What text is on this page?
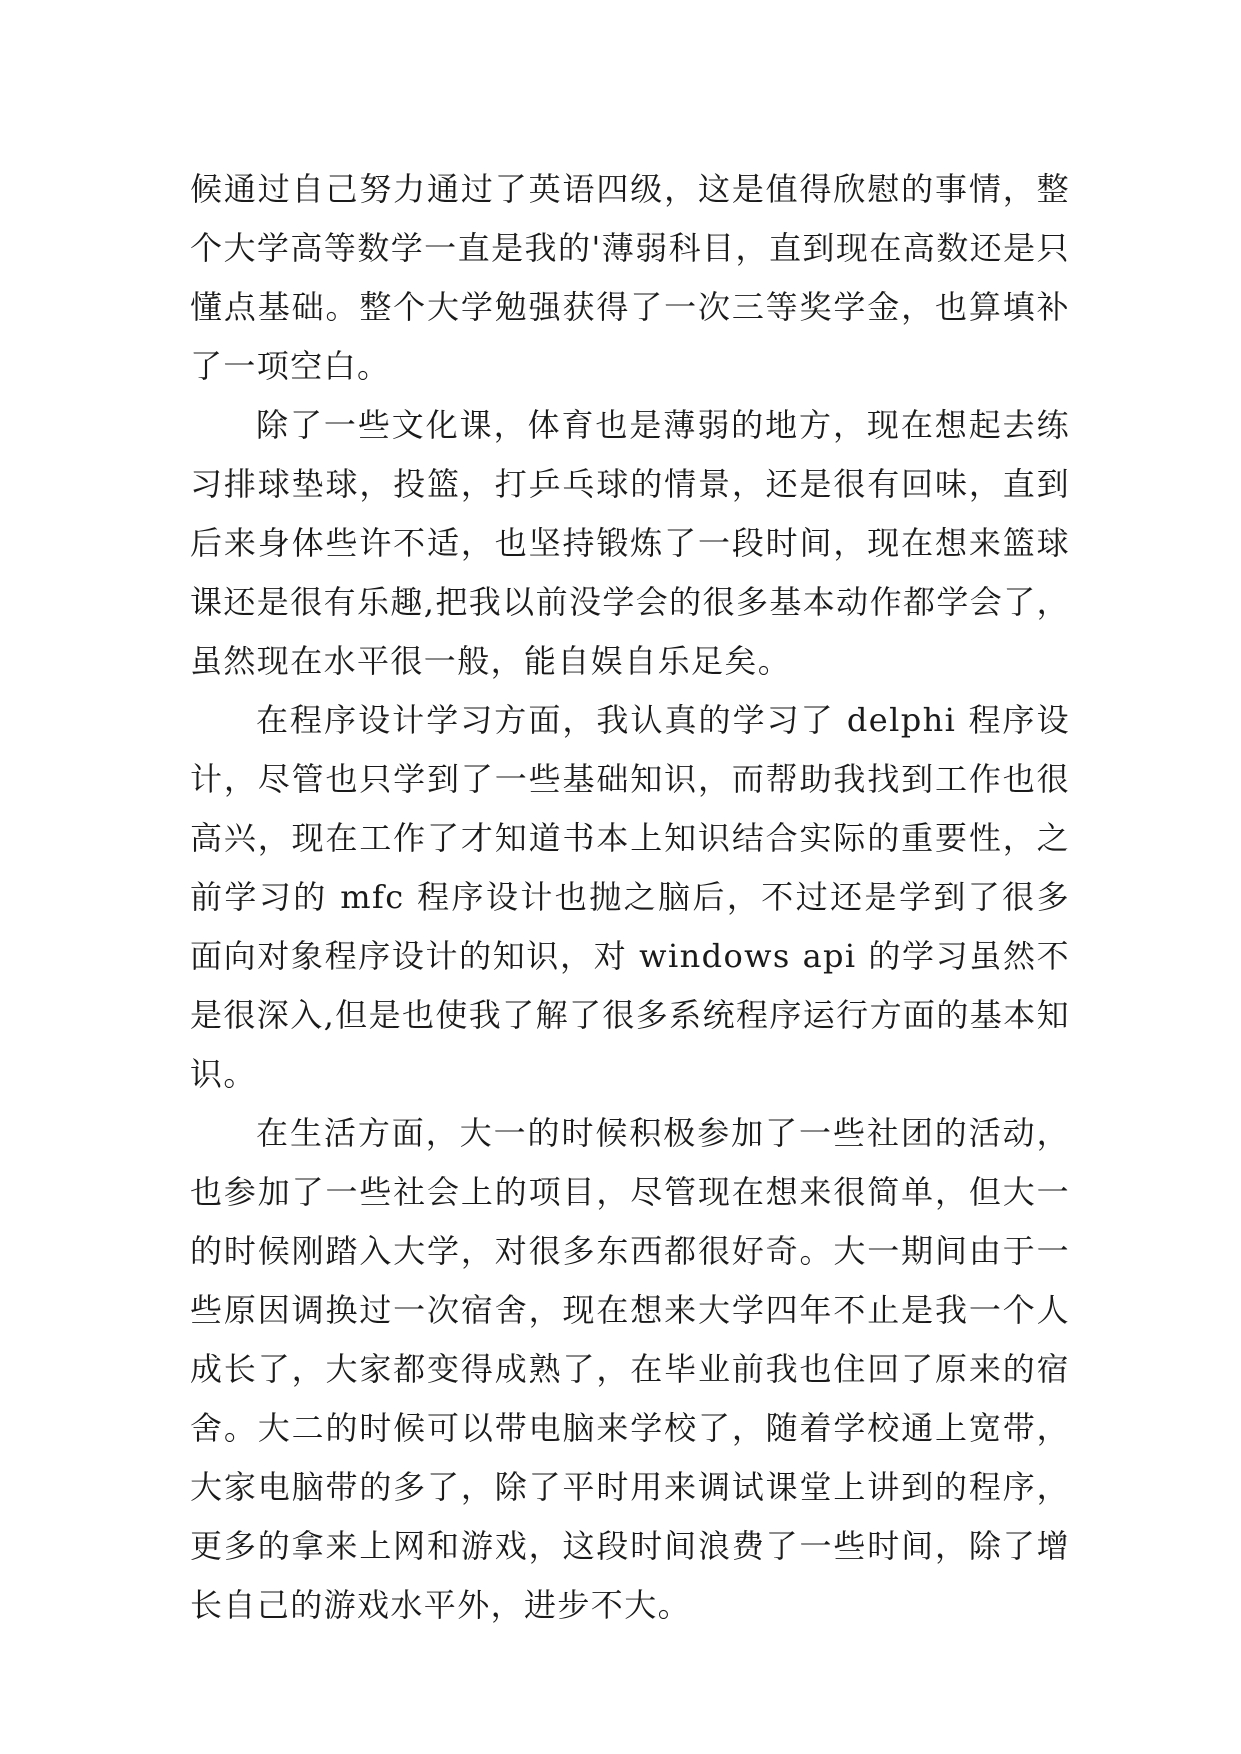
候通过自己努力通过了英语四级，这是值得欣慰的事情，整个大学高等数学一直是我的'薄弱科目，直到现在高数还是只懂点基础。整个大学勉强获得了一次三等奖学金，也算填补了一项空白。

除了一些文化课，体育也是薄弱的地方，现在想起去练习排球垫球，投篮，打乒乓球的情景，还是很有回味，直到后来身体些许不适，也坚持锻炼了一段时间，现在想来篮球课还是很有乐趣,把我以前没学会的很多基本动作都学会了，虽然现在水平很一般，能自娱自乐足矣。

在程序设计学习方面，我认真的学习了 delphi 程序设计，尽管也只学到了一些基础知识，而帮助我找到工作也很高兴，现在工作了才知道书本上知识结合实际的重要性，之前学习的 mfc 程序设计也抛之脑后，不过还是学到了很多面向对象程序设计的知识，对 windows api 的学习虽然不是很深入,但是也使我了解了很多系统程序运行方面的基本知识。

在生活方面，大一的时候积极参加了一些社团的活动，也参加了一些社会上的项目，尽管现在想来很简单，但大一的时候刚踏入大学，对很多东西都很好奇。大一期间由于一些原因调换过一次宿舍，现在想来大学四年不止是我一个人成长了，大家都变得成熟了，在毕业前我也住回了原来的宿舍。大二的时候可以带电脑来学校了，随着学校通上宽带，大家电脑带的多了，除了平时用来调试课堂上讲到的程序，更多的拿来上网和游戏，这段时间浪费了一些时间，除了增长自己的游戏水平外，进步不大。
